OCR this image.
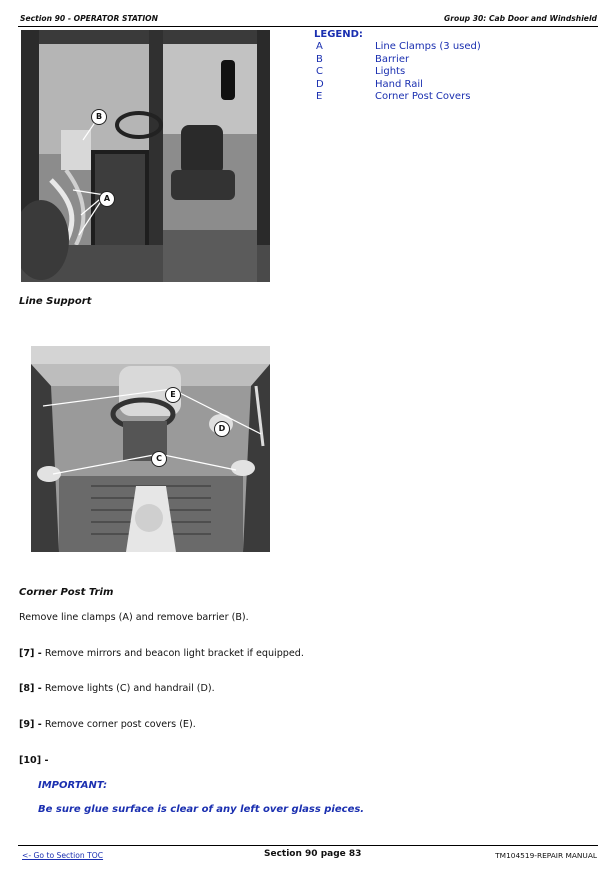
Section 90 - OPERATOR STATION	Group 30: Cab Door and Windshield
B
A
LEGEND:
A	Line Clamps (3 used)
B	Barrier
C	Lights
D	Hand Rail
E	Corner Post Covers
Line Support
E
D
C
Corner Post Trim
Remove line clamps (A) and remove barrier (B).
[7] - Remove mirrors and beacon light bracket if equipped.
[8] - Remove lights (C) and handrail (D).
[9] - Remove corner post covers (E).
[10] -
IMPORTANT:
Be sure glue surface is clear of any left over glass pieces.
<- Go to Section TOC	Section 90 page 83	TM104519-REPAIR MANUAL
